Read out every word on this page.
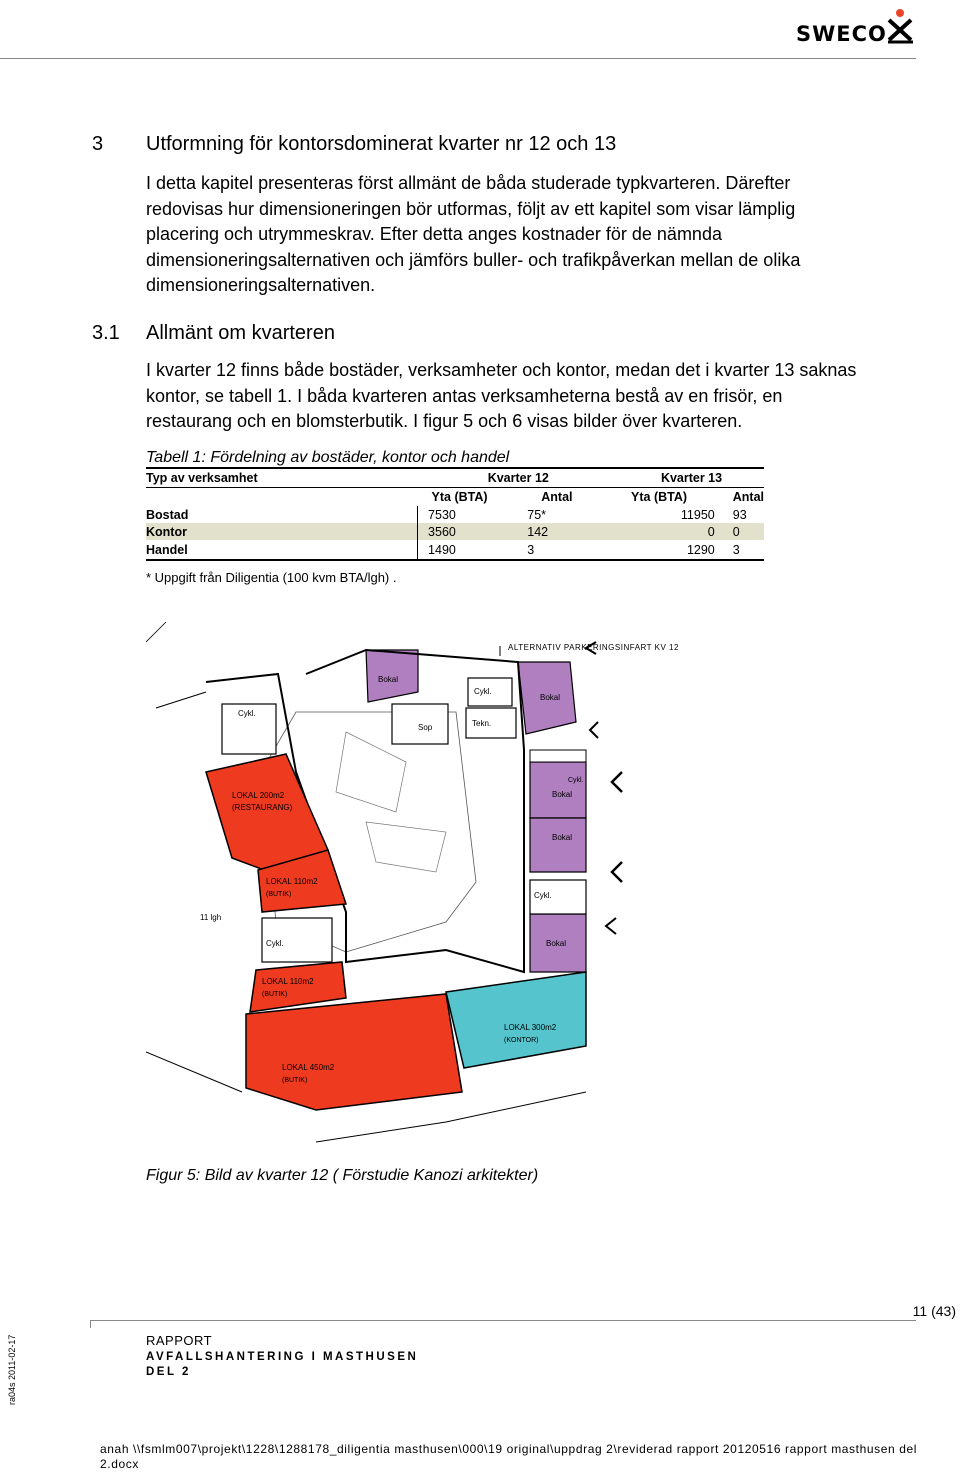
SWECO
3 Utformning för kontorsdominerat kvarter nr 12 och 13
I detta kapitel presenteras först allmänt de båda studerade typkvarteren. Därefter
redovisas hur dimensioneringen bör utformas, följt av ett kapitel som visar lämplig
placering och utrymmeskrav. Efter detta anges kostnader för de nämnda
dimensioneringsalternativen och jämförs buller- och trafikpåverkan mellan de olika
dimensioneringsalternativen.
3.1 Allmänt om kvarteren
I kvarter 12 finns både bostäder, verksamheter och kontor, medan det i kvarter 13 saknas
kontor, se tabell 1. I båda kvarteren antas verksamheterna bestå av en frisör, en
restaurang och en blomsterbutik. I figur 5 och 6 visas bilder över kvarteren.
Tabell 1: Fördelning av bostäder, kontor och handel
Typ av verksamhet	Kvarter 12		Kvarter 13	
	Yta (BTA)	Antal	Yta (BTA)	Antal
Bostad	7530	75*	11950	93
Kontor	3560	142	0	0
Handel	1490	3	1290	3
* Uppgift från Diligentia (100 kvm BTA/lgh) .
Bokal
Bokal
Bokal
Bokal
Bokal
Sop	Tekn.
Cykl.
Cykl.
Cykl.
ALTERNATIV PARKERINGSINFART KV 12
LOKAL 200m2
(RESTAURANG)
Cykl.
LOKAL 110m2
(BUTIK)
11 lgh
Cykl.
LOKAL 110m2
(BUTIK)
LOKAL 450m2
(BUTIK)
LOKAL 300m2
(KONTOR)
Figur 5: Bild av kvarter 12 ( Förstudie Kanozi arkitekter)
11 (43)
RAPPORT
AVFALLSHANTERING I MASTHUSEN
DEL 2
ra04s 2011-02-17
anah \\fsmlm007\projekt\1228\1288178_diligentia masthusen\000\19 original\uppdrag 2\reviderad rapport 20120516 rapport masthusen del 2.docx
